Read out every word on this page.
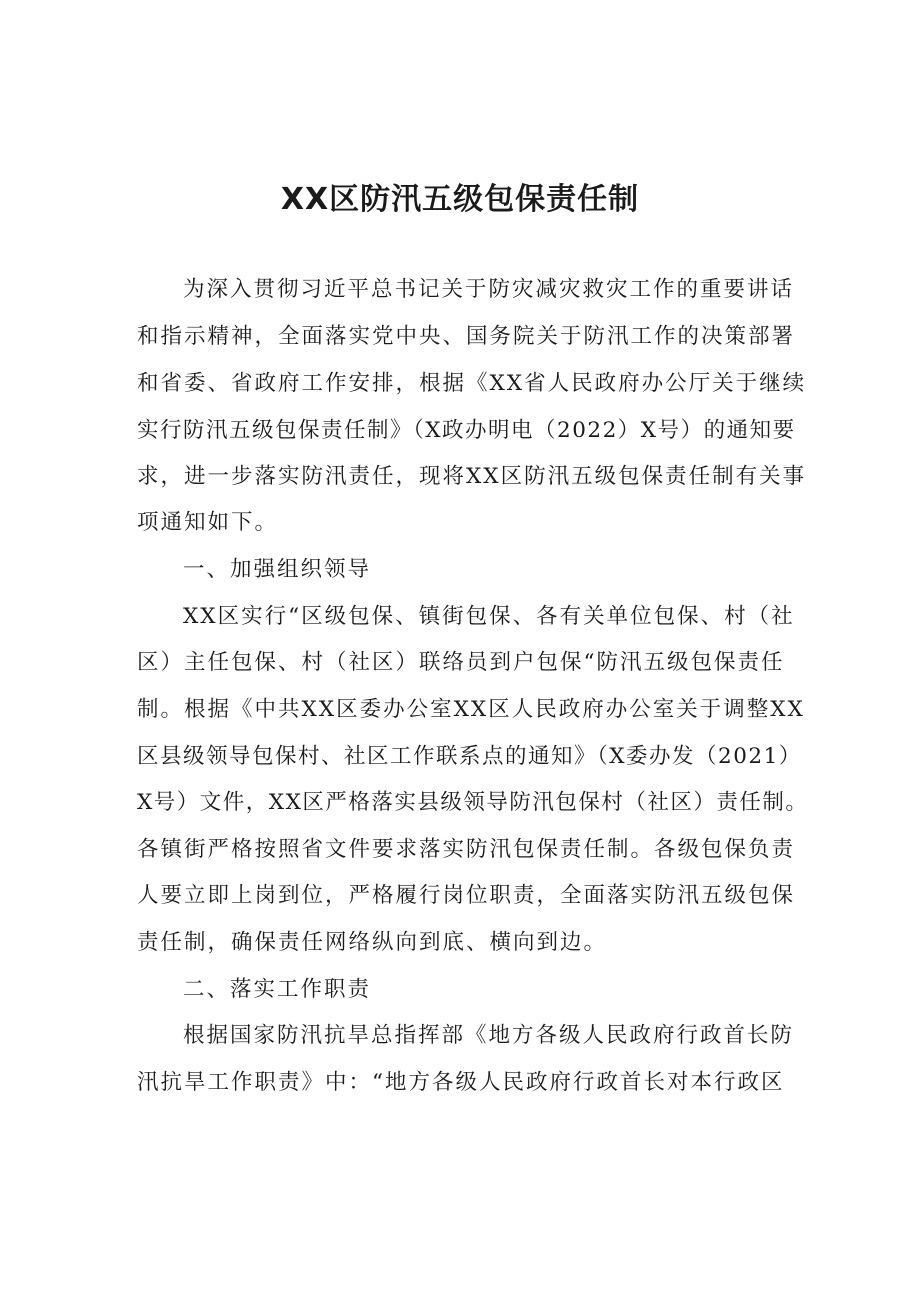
XX区防汛五级包保责任制
为深入贯彻习近平总书记关于防灾减灾救灾工作的重要讲话
和指示精神，全面落实党中央、国务院关于防汛工作的决策部署
和省委、省政府工作安排，根据《XX省人民政府办公厅关于继续
实行防汛五级包保责任制》（X政办明电（2022）X号）的通知要
求，进一步落实防汛责任，现将XX区防汛五级包保责任制有关事
项通知如下。
一、加强组织领导
XX区实行“区级包保、镇街包保、各有关单位包保、村（社
区）主任包保、村（社区）联络员到户包保“防汛五级包保责任
制。根据《中共XX区委办公室XX区人民政府办公室关于调整XX
区县级领导包保村、社区工作联系点的通知》（X委办发（2021）
X号）文件，XX区严格落实县级领导防汛包保村（社区）责任制。
各镇街严格按照省文件要求落实防汛包保责任制。各级包保负责
人要立即上岗到位，严格履行岗位职责，全面落实防汛五级包保
责任制，确保责任网络纵向到底、横向到边。
二、落实工作职责
根据国家防汛抗旱总指挥部《地方各级人民政府行政首长防
汛抗旱工作职责》中：“地方各级人民政府行政首长对本行政区
